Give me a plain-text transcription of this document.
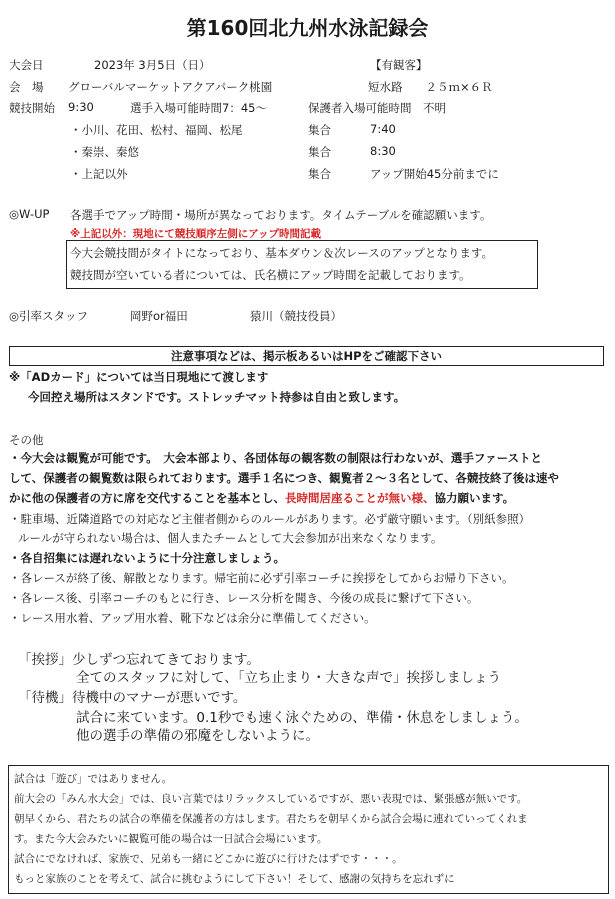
第160回北九州水泳記録会
大会日	2023年 3月5日（日）	【有観客】
会　場 グローバルマーケットアクアパーク桃園	短水路　　２５ｍ×６Ｒ
競技開始 9:30	選手入場可能時間7：45～	保護者入場可能時間　不明
・小川、花田、松村、福岡、松尾	集合	7:40
・秦崇、秦悠	集合	8:30
・上記以外	集合	アップ開始45分前までに
◎W-UP 各選手でアップ時間・場所が異なっております。タイムテーブルを確認願います。
※上記以外：現地にて競技順序左側にアップ時間記載
今大会競技間がタイトになっており、基本ダウン＆次レースのアップとなります。
競技間が空いている者については、氏名横にアップ時間を記載しております。
◎引率スタッフ	岡野or福田	猿川（競技役員）
注意事項などは、掲示板あるいはHPをご確認下さい
※「ADカード」については当日現地にて渡します
今回控え場所はスタンドです。ストレッチマット持参は自由と致します。
その他
・今大会は観覧が可能です。　大会本部より、各団体毎の観客数の制限は行わないが、選手ファーストと
して、保護者の観覧数は限られております。選手１名につき、観覧者２～３名として、各競技終了後は速や
かに他の保護者の方に席を交代することを基本とし、長時間居座ることが無い様、協力願います。
・駐車場、近隣道路での対応など主催者側からのルールがあります。必ず厳守願います。（別紙参照）
ルールが守られない場合は、個人またチームとして大会参加が出来なくなります。
・各自招集には遅れないように十分注意しましょう。
・各レースが終了後、解散となります。帰宅前に必ず引率コーチに挨拶をしてからお帰り下さい。
・各レース後、引率コーチのもとに行き、レース分析を聞き、今後の成長に繋げて下さい。
・レース用水着、アップ用水着、靴下などは余分に準備してください。
「挨拶」少しずつ忘れてきております。
全てのスタッフに対して、「立ち止まり・大きな声で」挨拶しましょう
「待機」待機中のマナーが悪いです。
試合に来ています。0.1秒でも速く泳ぐための、準備・休息をしましょう。
他の選手の準備の邪魔をしないように。
試合は「遊び」ではありません。
前大会の「みん水大会」では、良い言葉ではリラックスしているですが、悪い表現では、緊張感が無いです。
朝早くから、君たちの試合の準備を保護者の方はします。君たちを朝早くから試合会場に連れていってくれま
す。また今大会みたいに観覧可能の場合は一日試合会場にいます。
試合にでなければ、家族で、兄弟も一緒にどこかに遊びに行けたはずです・・・。
もっと家族のことを考えて、試合に挑むようにして下さい！そして、感謝の気持ちを忘れずに
